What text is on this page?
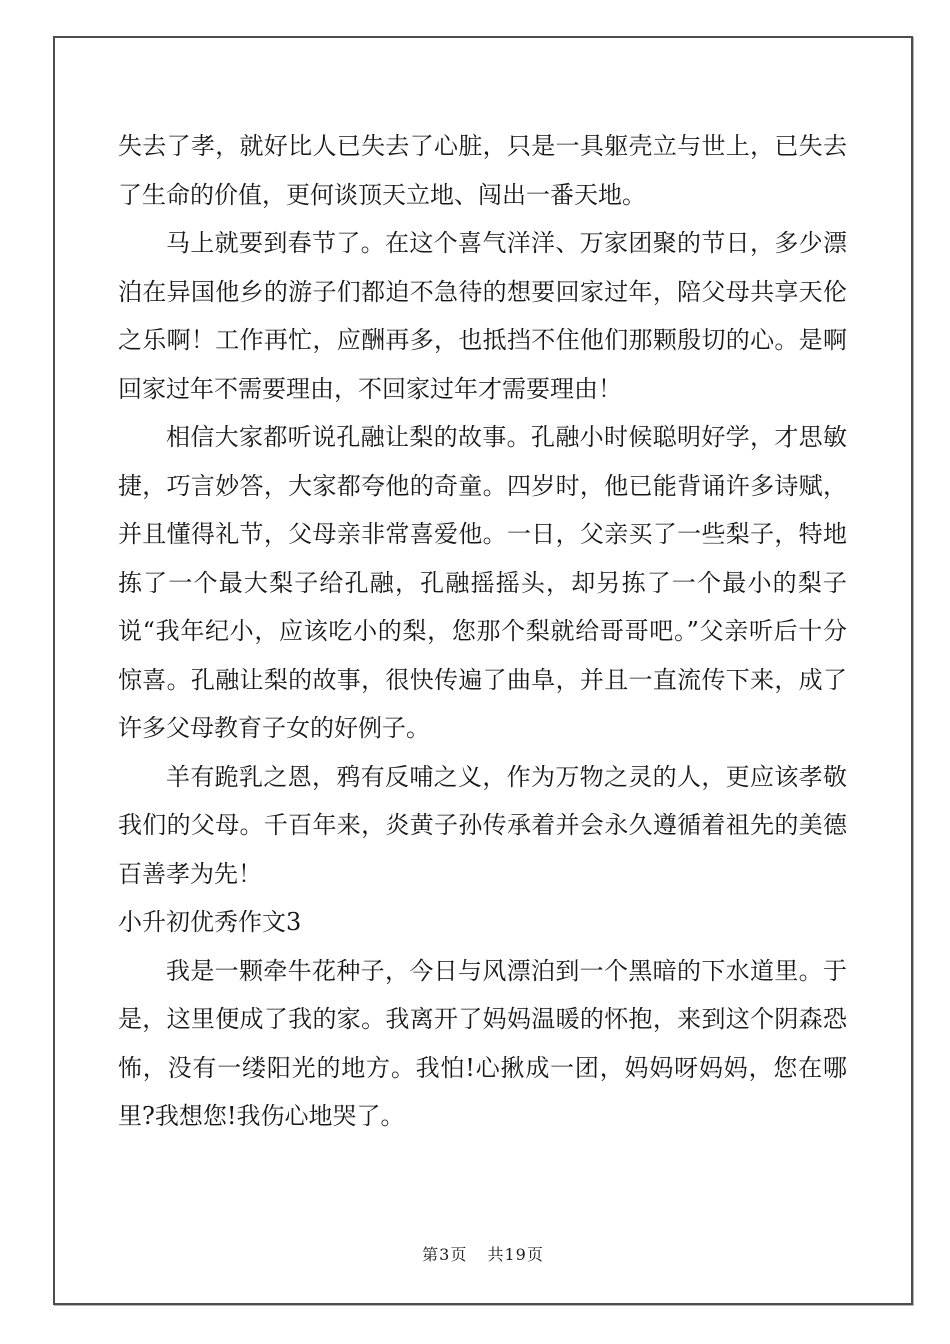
失去了孝，就好比人已失去了心脏，只是一具躯壳立与世上，已失去了生命的价值，更何谈顶天立地、闯出一番天地。

马上就要到春节了。在这个喜气洋洋、万家团聚的节日，多少漂泊在异国他乡的游子们都迫不急待的想要回家过年，陪父母共享天伦之乐啊！工作再忙，应酬再多，也抵挡不住他们那颗殷切的心。是啊回家过年不需要理由，不回家过年才需要理由！

相信大家都听说孔融让梨的故事。孔融小时候聪明好学，才思敏捷，巧言妙答，大家都夸他的奇童。四岁时，他已能背诵许多诗赋，并且懂得礼节，父母亲非常喜爱他。一日，父亲买了一些梨子，特地拣了一个最大梨子给孔融，孔融摇摇头，却另拣了一个最小的梨子说“我年纪小，应该吃小的梨，您那个梨就给哥哥吧。”父亲听后十分惊喜。孔融让梨的故事，很快传遍了曲阜，并且一直流传下来，成了许多父母教育子女的好例子。

羊有跪乳之恩，鸦有反哺之义，作为万物之灵的人，更应该孝敬我们的父母。千百年来，炎黄子孙传承着并会永久遵循着祖先的美德百善孝为先！

小升初优秀作文3

我是一颗牵牛花种子，今日与风漂泊到一个黑暗的下水道里。于是，这里便成了我的家。我离开了妈妈温暖的怀抱，来到这个阴森恐怖，没有一缕阳光的地方。我怕!心揪成一团，妈妈呀妈妈，您在哪里?我想您!我伤心地哭了。

第3页 共19页
